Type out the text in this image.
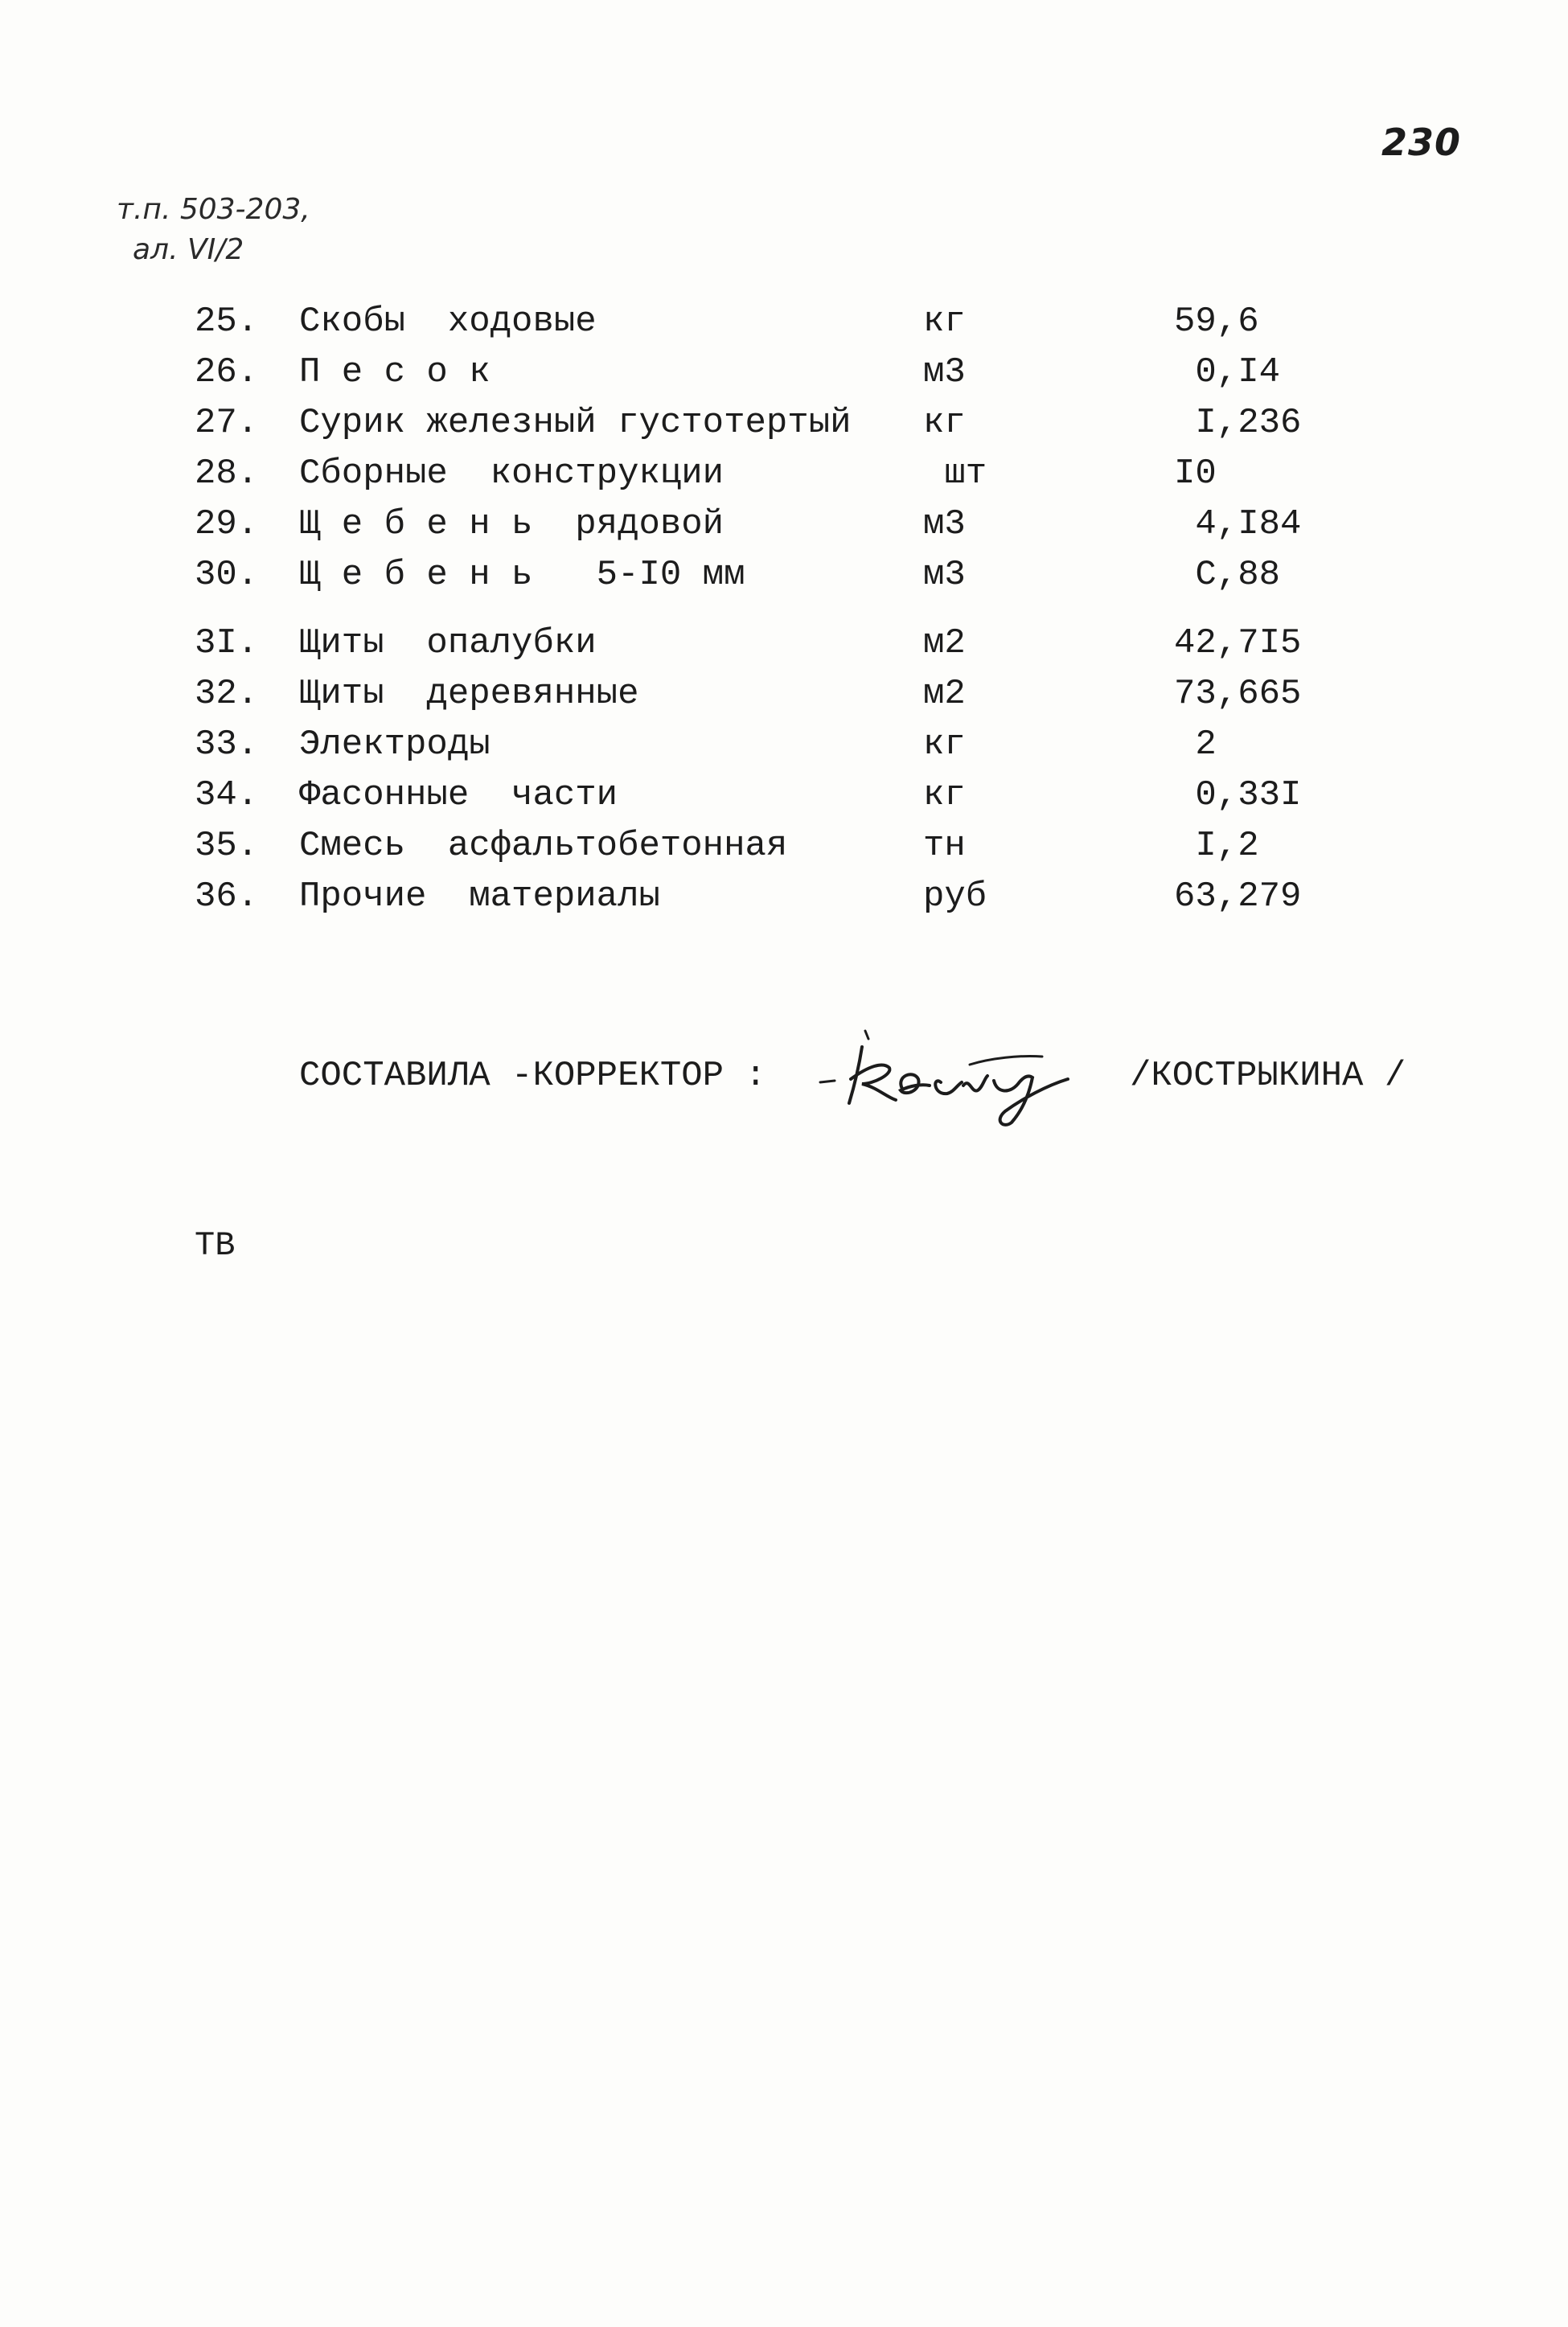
230
т.п. 503-203,
ал. VI/2
25. Скобы  ходовые	кг	59,6
26. П е с о к	м3	0,I4
27. Сурик железный густотертый кг	I,236
28. Сборные  конструкции	шт	I0
29. Щ е б е н ь  рядовой	м3	4,I84
30. Щ е б е н ь   5-I0 мм	м3	С,88
3I. Щиты  опалубки	м2	42,7I5
32. Щиты  деревянные	м2	73,665
33. Электроды	кг	2
34. Фасонные  части	кг	0,33I
35. Смесь  асфальтобетонная	тн	I,2
36. Прочие  материалы	руб	63,279
СОСТАВИЛА -КОРРЕКТОР :	/КОСТРЫКИНА /
ТВ
